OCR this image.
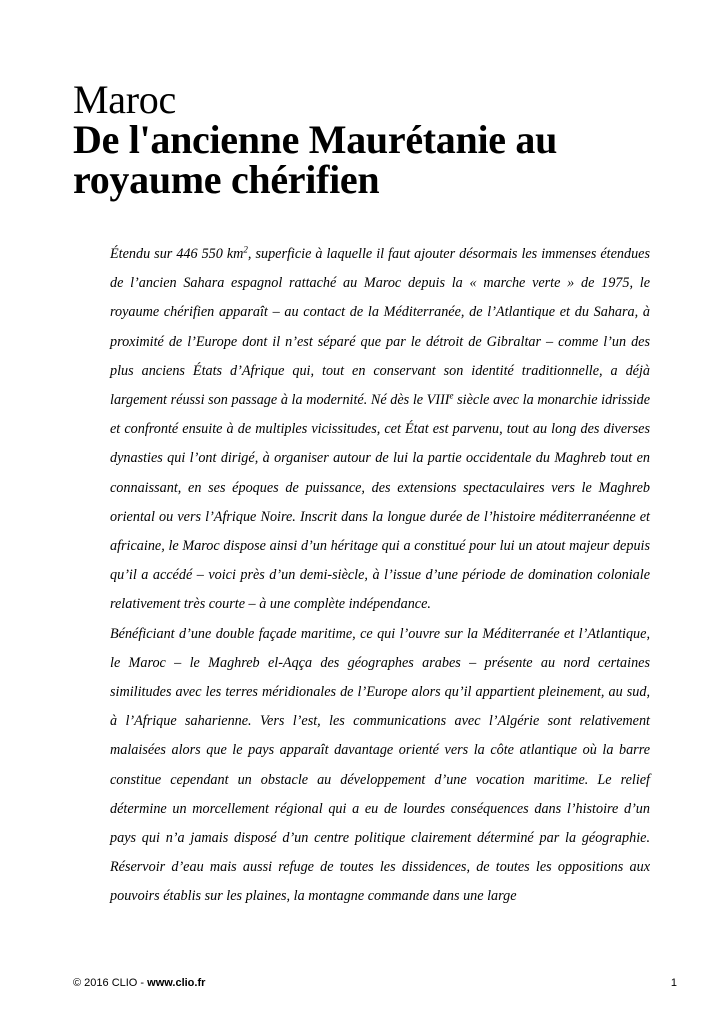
Maroc
De l'ancienne Maurétanie au
royaume chérifien

Étendu sur 446 550 $km^2$, superficie à laquelle il faut ajouter désormais les immenses étendues de l’ancien Sahara espagnol rattaché au Maroc depuis la « marche verte » de 1975, le royaume chérifien apparaît – au contact de la Méditerranée, de l’Atlantique et du Sahara, à proximité de l’Europe dont il n’est séparé que par le détroit de Gibraltar – comme l’un des plus anciens États d’Afrique qui, tout en conservant son identité traditionnelle, a déjà largement réussi son passage à la modernité. Né dès le VIIIe siècle avec la monarchie idrisside et confronté ensuite à de multiples vicissitudes, cet État est parvenu, tout au long des diverses dynasties qui l’ont dirigé, à organiser autour de lui la partie occidentale du Maghreb tout en connaissant, en ses époques de puissance, des extensions spectaculaires vers le Maghreb oriental ou vers l’Afrique Noire. Inscrit dans la longue durée de l’histoire méditerranéenne et africaine, le Maroc dispose ainsi d’un héritage qui a constitué pour lui un atout majeur depuis qu’il a accédé – voici près d’un demi-siècle, à l’issue d’une période de domination coloniale relativement très courte – à une complète indépendance.

Bénéficiant d’une double façade maritime, ce qui l’ouvre sur la Méditerranée et l’Atlantique, le Maroc – le Maghreb el-Aqça des géographes arabes – présente au nord certaines similitudes avec les terres méridionales de l’Europe alors qu’il appartient pleinement, au sud, à l’Afrique saharienne. Vers l’est, les communications avec l’Algérie sont relativement malaisées alors que le pays apparaît davantage orienté vers la côte atlantique où la barre constitue cependant un obstacle au développement d’une vocation maritime. Le relief détermine un morcellement régional qui a eu de lourdes conséquences dans l’histoire d’un pays qui n’a jamais disposé d’un centre politique clairement déterminé par la géographie. Réservoir d’eau mais aussi refuge de toutes les dissidences, de toutes les oppositions aux pouvoirs établis sur les plaines, la montagne commande dans une large

© 2016 CLIO - www.clio.fr	1
